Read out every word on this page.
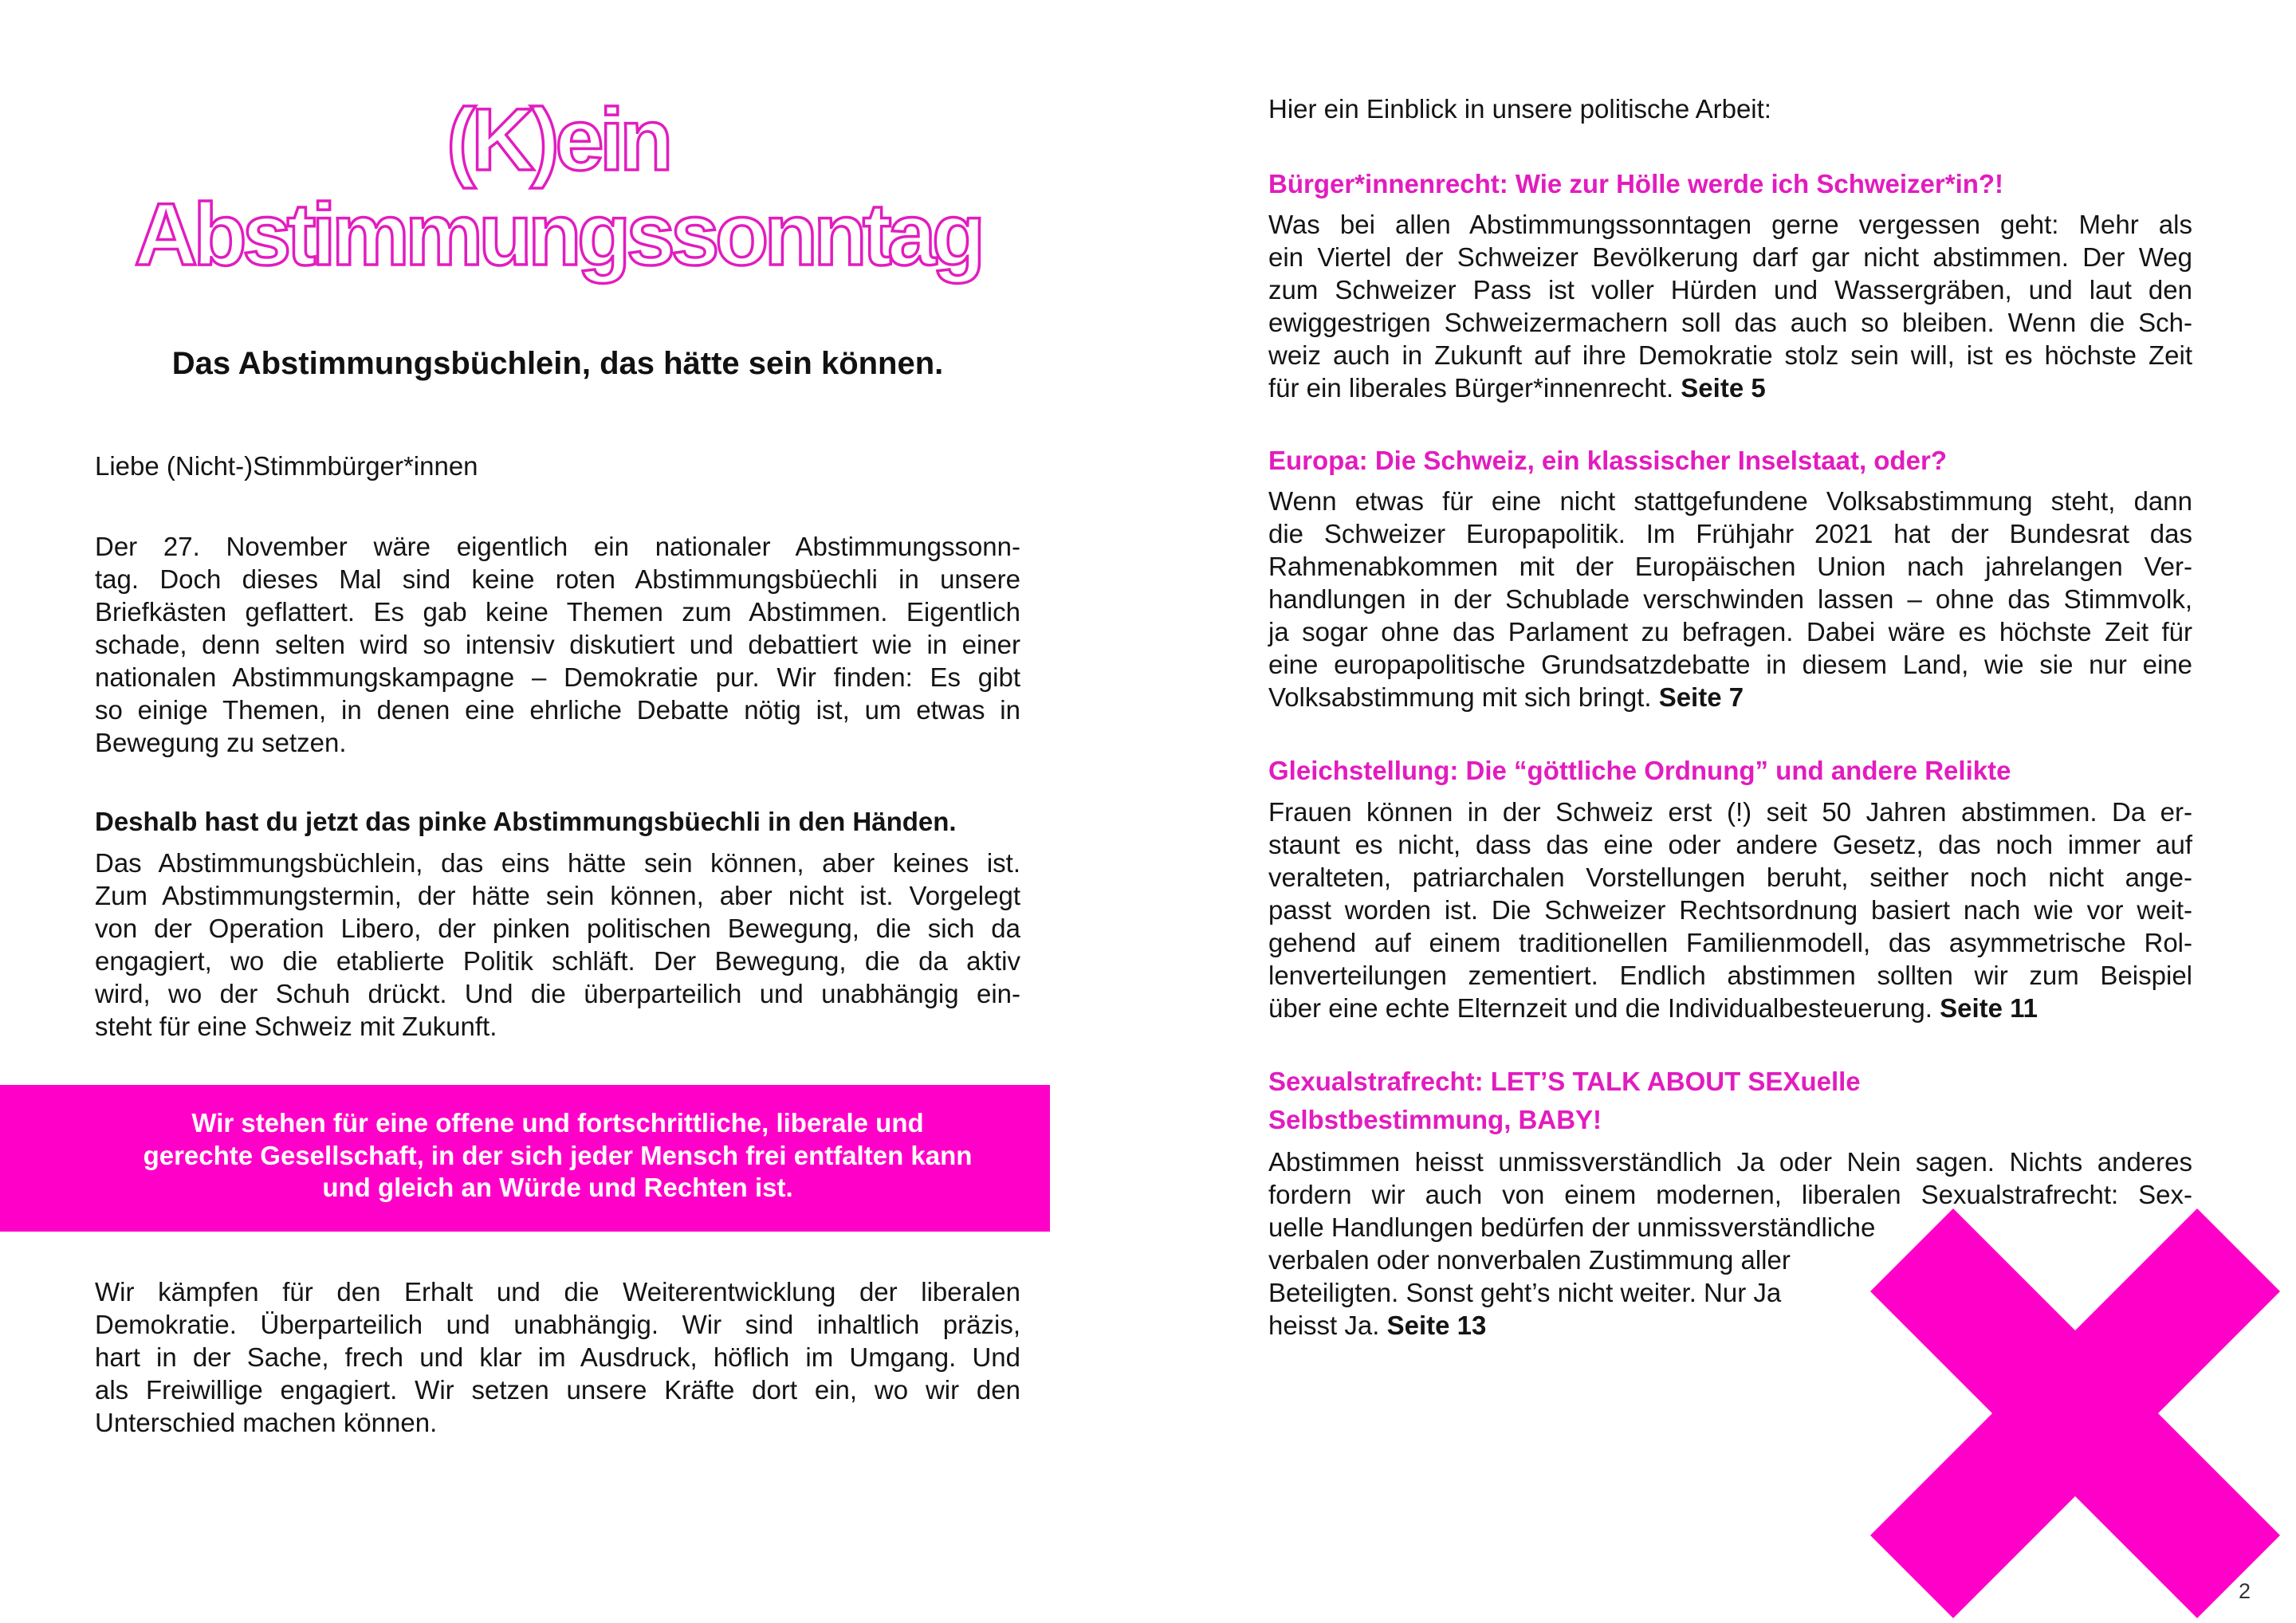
(K)ein
Abstimmungssonntag
Das Abstimmungsbüchlein, das hätte sein können.
Liebe (Nicht-)Stimmbürger*innen
Der 27. November wäre eigentlich ein nationaler Abstimmungssonn-
tag. Doch dieses Mal sind keine roten Abstimmungsbüechli in unsere
Briefkästen geflattert. Es gab keine Themen zum Abstimmen. Eigentlich
schade, denn selten wird so intensiv diskutiert und debattiert wie in einer
nationalen Abstimmungskampagne – Demokratie pur. Wir finden: Es gibt
so einige Themen, in denen eine ehrliche Debatte nötig ist, um etwas in
Bewegung zu setzen.
Deshalb hast du jetzt das pinke Abstimmungsbüechli in den Händen.
Das Abstimmungsbüchlein, das eins hätte sein können, aber keines ist.
Zum Abstimmungstermin, der hätte sein können, aber nicht ist. Vorgelegt
von der Operation Libero, der pinken politischen Bewegung, die sich da
engagiert, wo die etablierte Politik schläft. Der Bewegung, die da aktiv
wird, wo der Schuh drückt. Und die überparteilich und unabhängig ein-
steht für eine Schweiz mit Zukunft.
Wir stehen für eine offene und fortschrittliche, liberale und
gerechte Gesellschaft, in der sich jeder Mensch frei entfalten kann
und gleich an Würde und Rechten ist.
Wir kämpfen für den Erhalt und die Weiterentwicklung der liberalen
Demokratie. Überparteilich und unabhängig. Wir sind inhaltlich präzis,
hart in der Sache, frech und klar im Ausdruck, höflich im Umgang. Und
als Freiwillige engagiert. Wir setzen unsere Kräfte dort ein, wo wir den
Unterschied machen können.
Hier ein Einblick in unsere politische Arbeit:
Bürger*innenrecht: Wie zur Hölle werde ich Schweizer*in?!
Was bei allen Abstimmungssonntagen gerne vergessen geht: Mehr als
ein Viertel der Schweizer Bevölkerung darf gar nicht abstimmen. Der Weg
zum Schweizer Pass ist voller Hürden und Wassergräben, und laut den
ewiggestrigen Schweizermachern soll das auch so bleiben. Wenn die Sch-
weiz auch in Zukunft auf ihre Demokratie stolz sein will, ist es höchste Zeit
für ein liberales Bürger*innenrecht. Seite 5
Europa: Die Schweiz, ein klassischer Inselstaat, oder?
Wenn etwas für eine nicht stattgefundene Volksabstimmung steht, dann
die Schweizer Europapolitik. Im Frühjahr 2021 hat der Bundesrat das
Rahmenabkommen mit der Europäischen Union nach jahrelangen Ver-
handlungen in der Schublade verschwinden lassen – ohne das Stimmvolk,
ja sogar ohne das Parlament zu befragen. Dabei wäre es höchste Zeit für
eine europapolitische Grundsatzdebatte in diesem Land, wie sie nur eine
Volksabstimmung mit sich bringt. Seite 7
Gleichstellung: Die “göttliche Ordnung” und andere Relikte
Frauen können in der Schweiz erst (!) seit 50 Jahren abstimmen. Da er-
staunt es nicht, dass das eine oder andere Gesetz, das noch immer auf
veralteten, patriarchalen Vorstellungen beruht, seither noch nicht ange-
passt worden ist. Die Schweizer Rechtsordnung basiert nach wie vor weit-
gehend auf einem traditionellen Familienmodell, das asymmetrische Rol-
lenverteilungen zementiert. Endlich abstimmen sollten wir zum Beispiel
über eine echte Elternzeit und die Individualbesteuerung. Seite 11
Sexualstrafrecht: LET’S TALK ABOUT SEXuelle
Selbstbestimmung, BABY!
Abstimmen heisst unmissverständlich Ja oder Nein sagen. Nichts anderes
fordern wir auch von einem modernen, liberalen Sexualstrafrecht: Sex-
uelle Handlungen bedürfen der unmissverständliche
verbalen oder nonverbalen Zustimmung aller
Beteiligten. Sonst geht’s nicht weiter. Nur Ja
heisst Ja. Seite 13
2
